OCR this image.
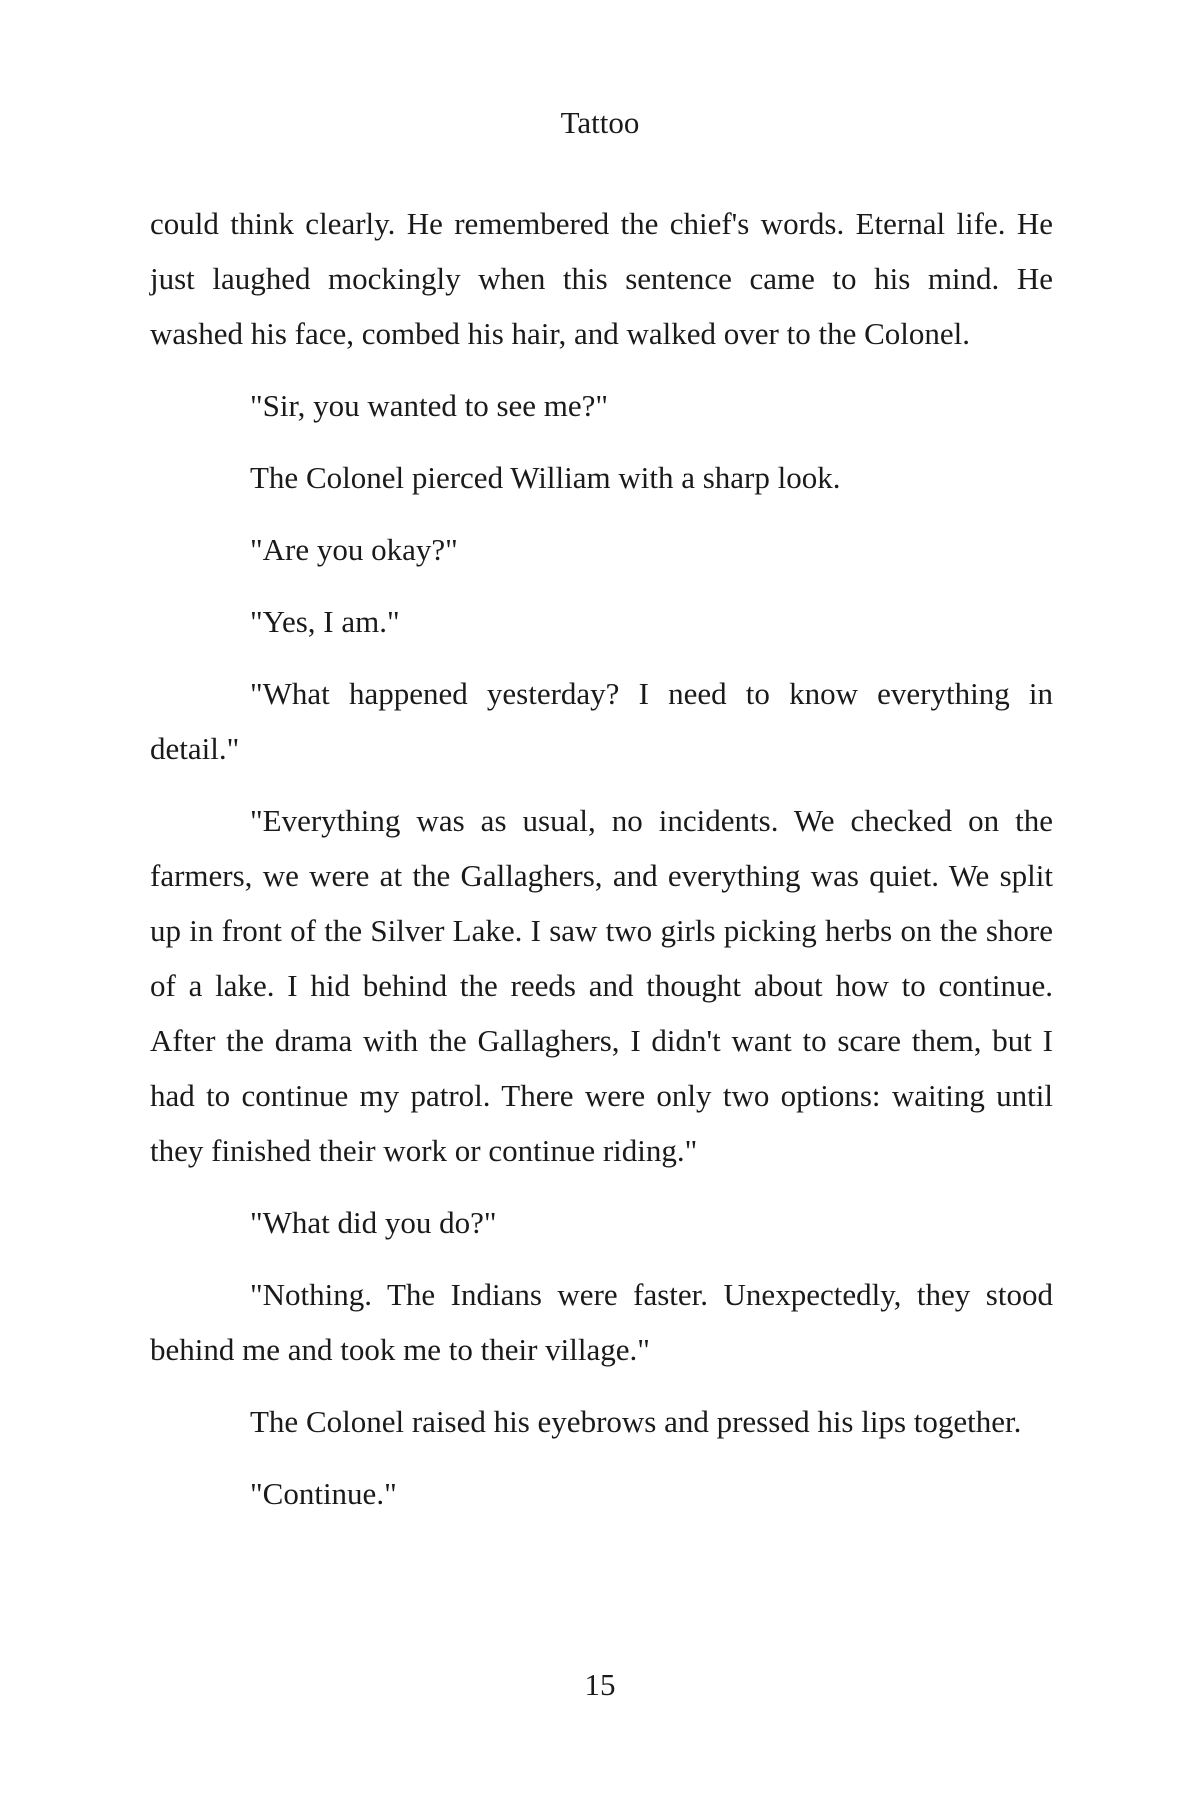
Tattoo

could think clearly. He remembered the chief's words. Eternal life. He just laughed mockingly when this sentence came to his mind. He washed his face, combed his hair, and walked over to the Colonel.

"Sir, you wanted to see me?"

The Colonel pierced William with a sharp look.

"Are you okay?"

"Yes, I am."

"What happened yesterday? I need to know everything in detail."

"Everything was as usual, no incidents. We checked on the farmers, we were at the Gallaghers, and everything was quiet. We split up in front of the Silver Lake. I saw two girls picking herbs on the shore of a lake. I hid behind the reeds and thought about how to continue. After the drama with the Gallaghers, I didn't want to scare them, but I had to continue my patrol. There were only two options: waiting until they finished their work or continue riding."

"What did you do?"

"Nothing. The Indians were faster. Unexpectedly, they stood behind me and took me to their village."

The Colonel raised his eyebrows and pressed his lips together.

"Continue."

15
